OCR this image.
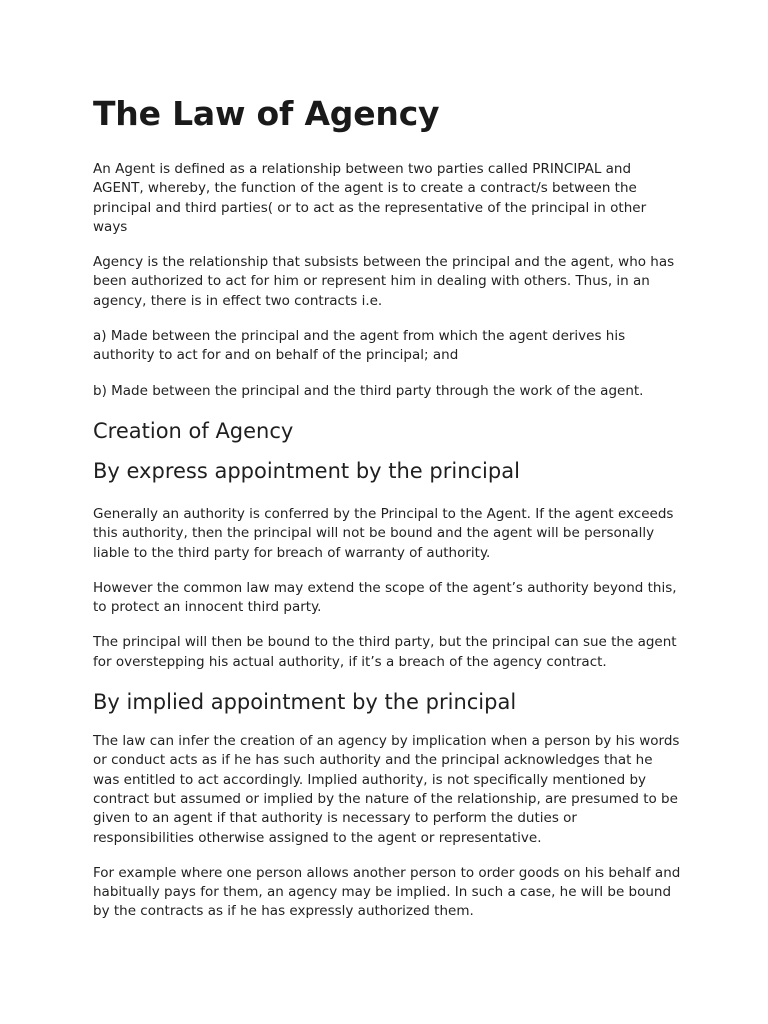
The Law of Agency

An Agent is defined as a relationship between two parties called PRINCIPAL and AGENT, whereby, the function of the agent is to create a contract/s between the principal and third parties( or to act as the representative of the principal in other ways

Agency is the relationship that subsists between the principal and the agent, who has been authorized to act for him or represent him in dealing with others. Thus, in an agency, there is in effect two contracts i.e.

a) Made between the principal and the agent from which the agent derives his authority to act for and on behalf of the principal; and

b) Made between the principal and the third party through the work of the agent.

Creation of Agency
By express appointment by the principal

Generally an authority is conferred by the Principal to the Agent. If the agent exceeds this authority, then the principal will not be bound and the agent will be personally liable to the third party for breach of warranty of authority.

However the common law may extend the scope of the agent’s authority beyond this, to protect an innocent third party.

The principal will then be bound to the third party, but the principal can sue the agent for overstepping his actual authority, if it’s a breach of the agency contract.

By implied appointment by the principal

The law can infer the creation of an agency by implication when a person by his words or conduct acts as if he has such authority and the principal acknowledges that he was entitled to act accordingly. Implied authority, is not specifically mentioned by contract but assumed or implied by the nature of the relationship, are presumed to be given to an agent if that authority is necessary to perform the duties or responsibilities otherwise assigned to the agent or representative.

For example where one person allows another person to order goods on his behalf and habitually pays for them, an agency may be implied. In such a case, he will be bound by the contracts as if he has expressly authorized them.
